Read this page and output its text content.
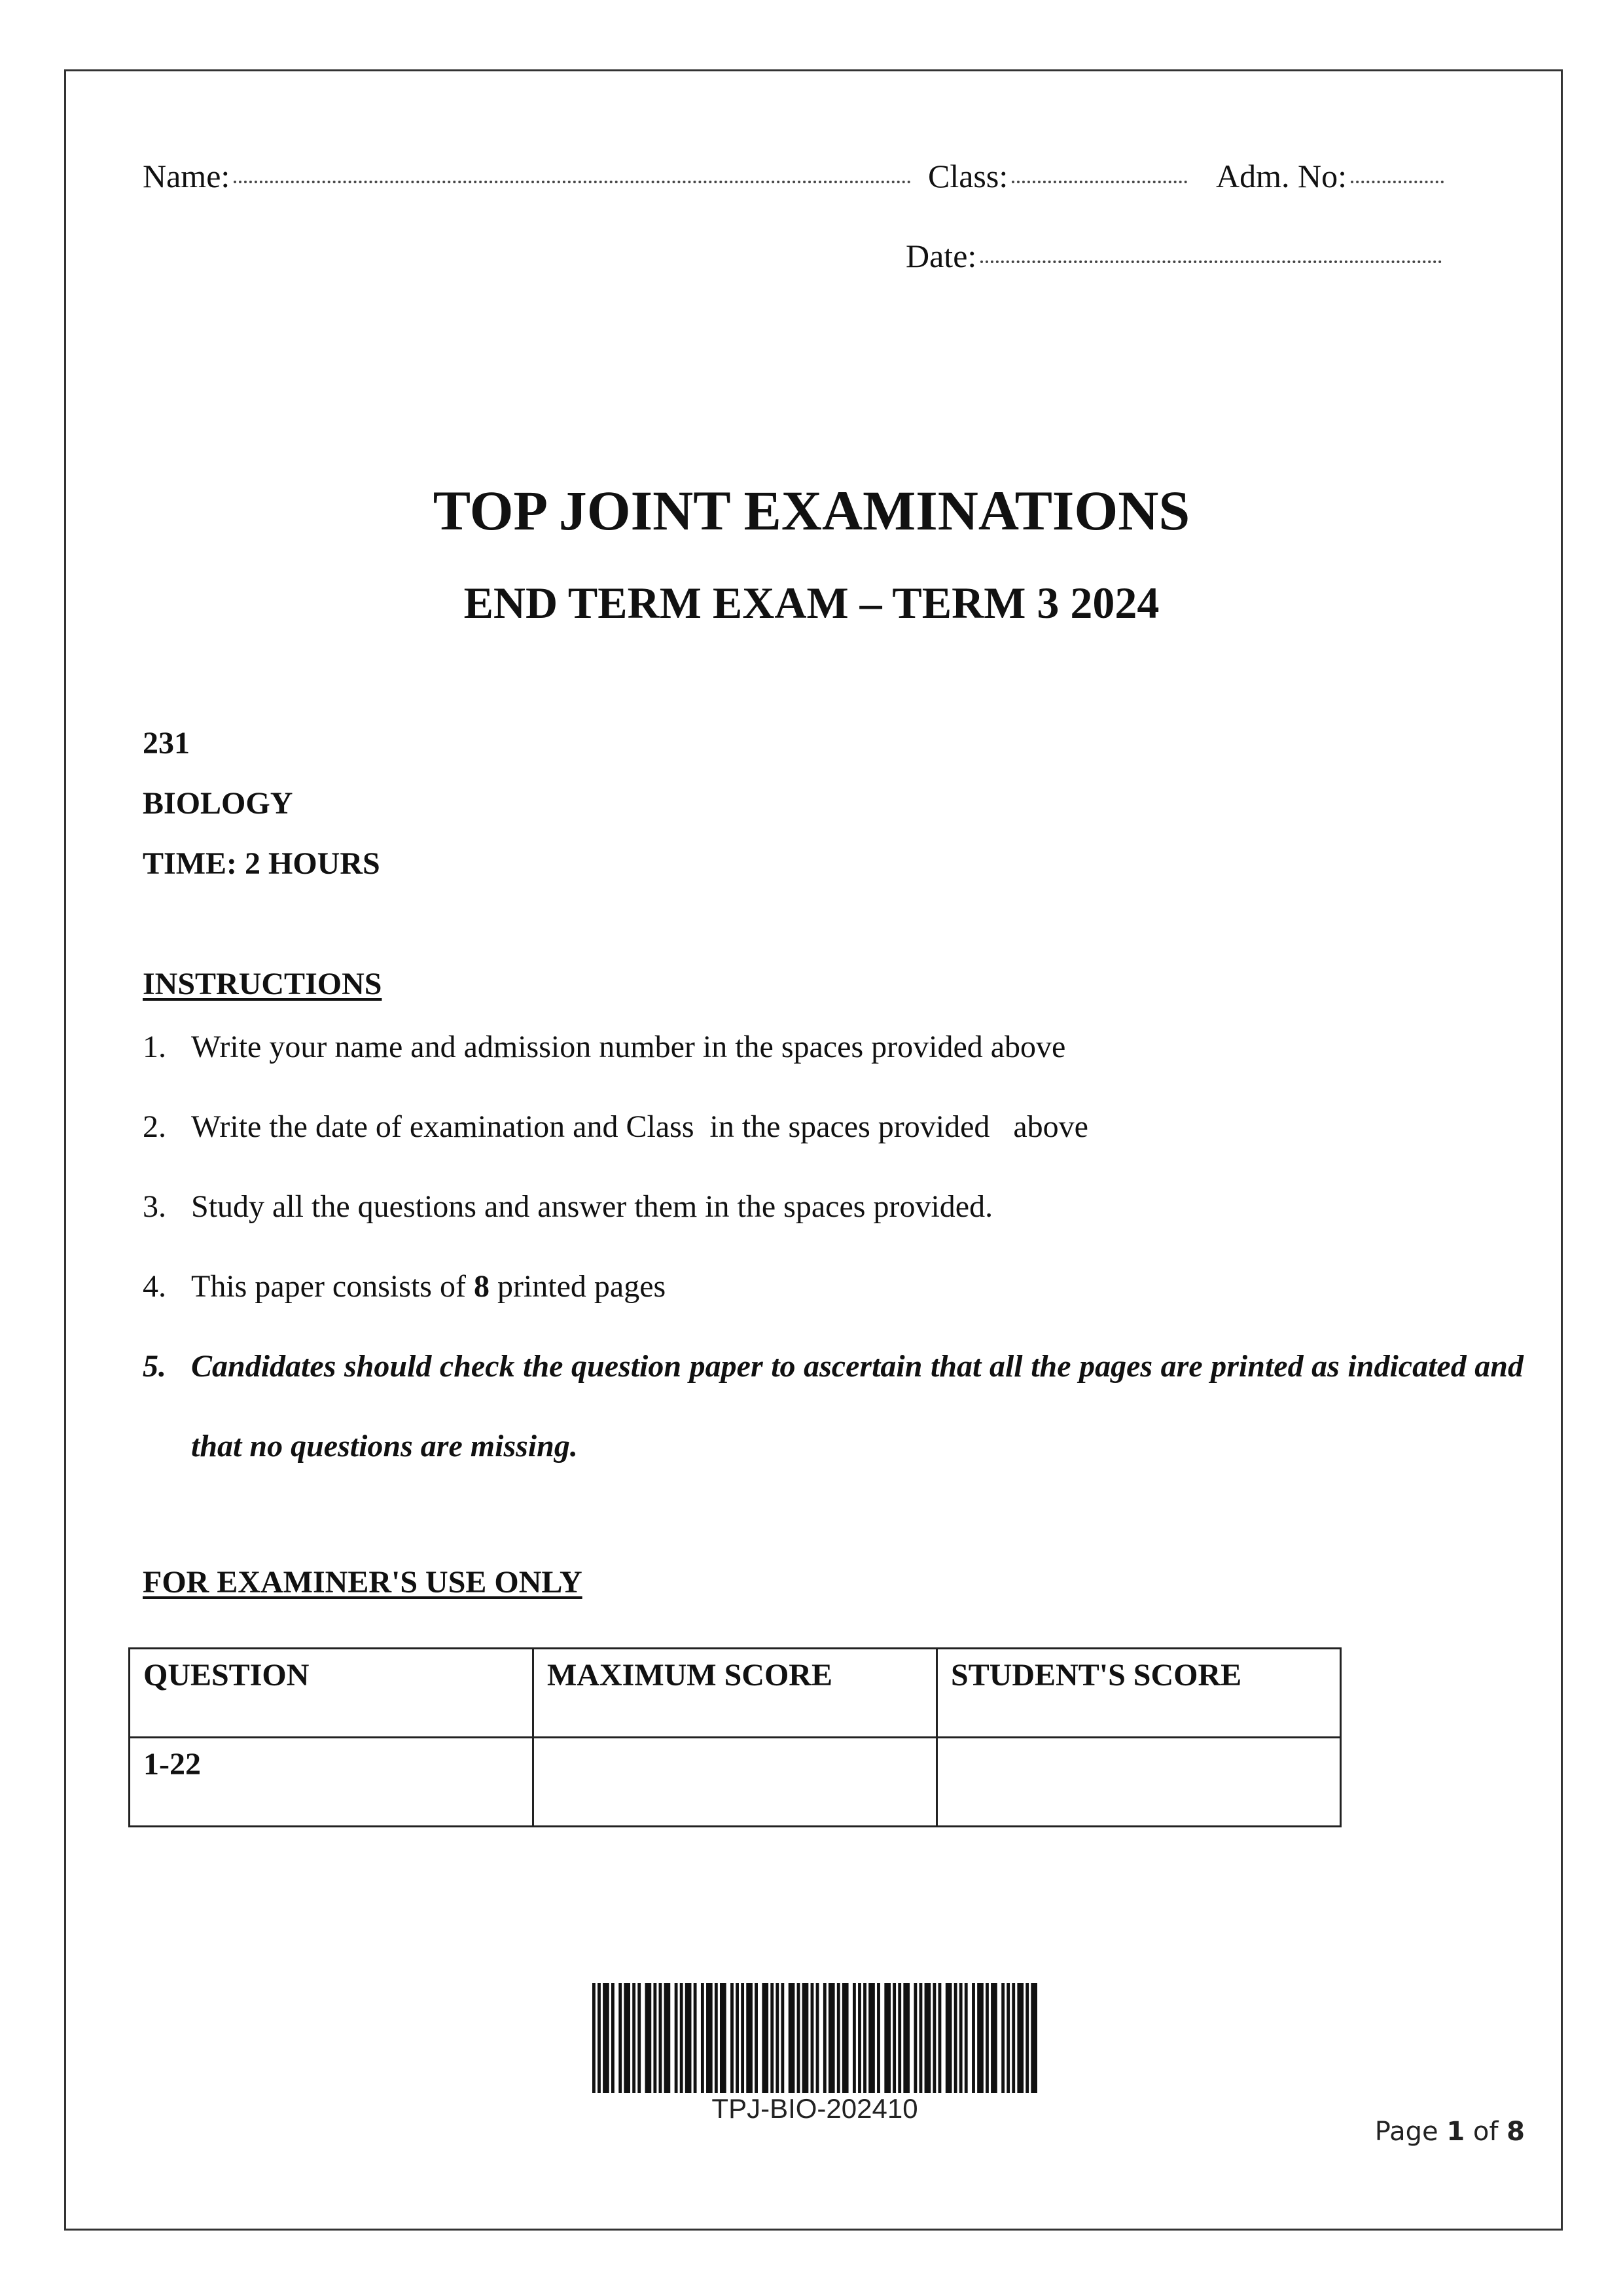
Name:	Class:	Adm. No:
Date:
TOP JOINT EXAMINATIONS
END TERM EXAM – TERM 3 2024
231
BIOLOGY
TIME: 2 HOURS
INSTRUCTIONS
1. Write your name and admission number in the spaces provided above
2. Write the date of examination and Class  in the spaces provided   above
3. Study all the questions and answer them in the spaces provided.
4. This paper consists of 8 printed pages
5. Candidates should check the question paper to ascertain that all the pages are printed as indicated and that no questions are missing.
FOR EXAMINER'S USE ONLY
QUESTION	MAXIMUM SCORE	STUDENT'S SCORE
1-22		
TPJ-BIO-202410
Page 1 of 8
